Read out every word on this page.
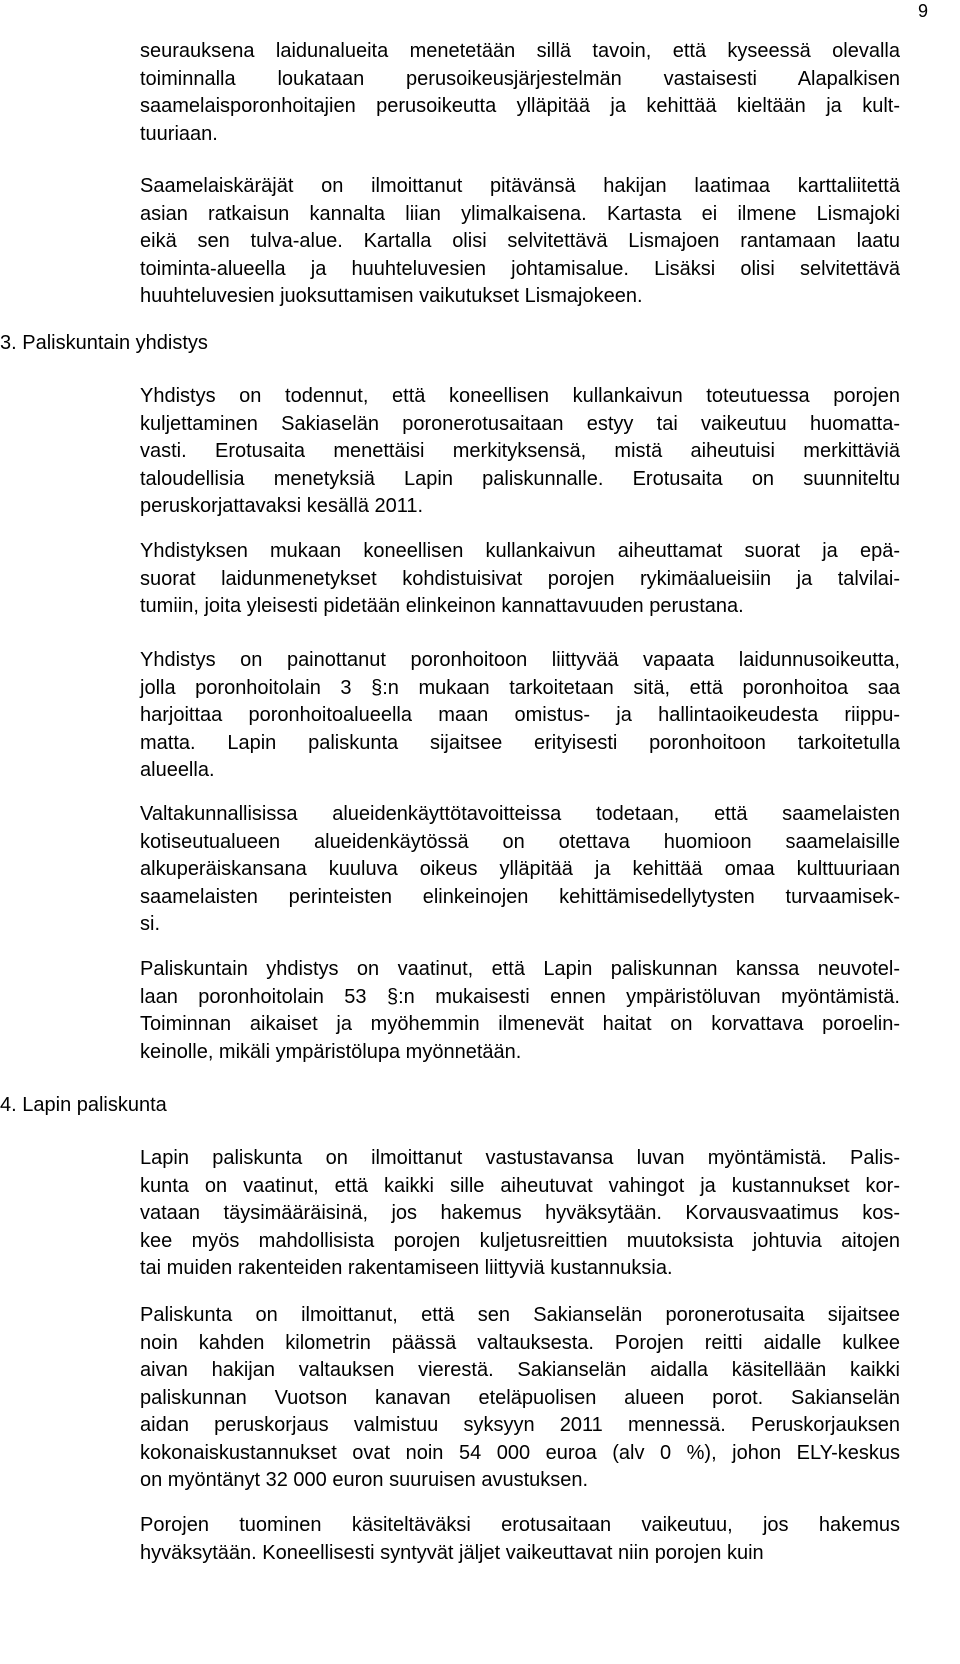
9
3. Paliskuntain yhdistys
4. Lapin paliskunta
seurauksena laidunalueita menetetään sillä tavoin, että kyseessä olevalla
toiminnalla loukataan perusoikeusjärjestelmän vastaisesti Alapalkisen
saamelaisporonhoitajien perusoikeutta ylläpitää ja kehittää kieltään ja kult-
tuuriaan.
Saamelaiskäräjät on ilmoittanut pitävänsä hakijan laatimaa karttaliitettä
asian ratkaisun kannalta liian ylimalkaisena. Kartasta ei ilmene Lismajoki
eikä sen tulva-alue. Kartalla olisi selvitettävä Lismajoen rantamaan laatu
toiminta-alueella ja huuhteluvesien johtamisalue. Lisäksi olisi selvitettävä
huuhteluvesien juoksuttamisen vaikutukset Lismajokeen.
Yhdistys on todennut, että koneellisen kullankaivun toteutuessa porojen
kuljettaminen Sakiaselän poronerotusaitaan estyy tai vaikeutuu huomatta-
vasti. Erotusaita menettäisi merkityksensä, mistä aiheutuisi merkittäviä
taloudellisia menetyksiä Lapin paliskunnalle. Erotusaita on suunniteltu
peruskorjattavaksi kesällä 2011.
Yhdistyksen mukaan koneellisen kullankaivun aiheuttamat suorat ja epä-
suorat laidunmenetykset kohdistuisivat porojen rykimäalueisiin ja talvilai-
tumiin, joita yleisesti pidetään elinkeinon kannattavuuden perustana.
Yhdistys on painottanut poronhoitoon liittyvää vapaata laidunnusoikeutta,
jolla poronhoitolain 3 §:n mukaan tarkoitetaan sitä, että poronhoitoa saa
harjoittaa poronhoitoalueella maan omistus- ja hallintaoikeudesta riippu-
matta. Lapin paliskunta sijaitsee erityisesti poronhoitoon tarkoitetulla
alueella.
Valtakunnallisissa alueidenkäyttötavoitteissa todetaan, että saamelaisten
kotiseutualueen alueidenkäytössä on otettava huomioon saamelaisille
alkuperäiskansana kuuluva oikeus ylläpitää ja kehittää omaa kulttuuriaan
saamelaisten perinteisten elinkeinojen kehittämisedellytysten turvaamisek-
si.
Paliskuntain yhdistys on vaatinut, että Lapin paliskunnan kanssa neuvotel-
laan poronhoitolain 53 §:n mukaisesti ennen ympäristöluvan myöntämistä.
Toiminnan aikaiset ja myöhemmin ilmenevät haitat on korvattava poroelin-
keinolle, mikäli ympäristölupa myönnetään.
Lapin paliskunta on ilmoittanut vastustavansa luvan myöntämistä. Palis-
kunta on vaatinut, että kaikki sille aiheutuvat vahingot ja kustannukset kor-
vataan täysimääräisinä, jos hakemus hyväksytään. Korvausvaatimus kos-
kee myös mahdollisista porojen kuljetusreittien muutoksista johtuvia aitojen
tai muiden rakenteiden rakentamiseen liittyviä kustannuksia.
Paliskunta on ilmoittanut, että sen Sakianselän poronerotusaita sijaitsee
noin kahden kilometrin päässä valtauksesta. Porojen reitti aidalle kulkee
aivan hakijan valtauksen vierestä. Sakianselän aidalla käsitellään kaikki
paliskunnan Vuotson kanavan eteläpuolisen alueen porot. Sakianselän
aidan peruskorjaus valmistuu syksyyn 2011 mennessä. Peruskorjauksen
kokonaiskustannukset ovat noin 54 000 euroa (alv 0 %), johon ELY-keskus
on myöntänyt 32 000 euron suuruisen avustuksen.
Porojen tuominen käsiteltäväksi erotusaitaan vaikeutuu, jos hakemus
hyväksytään. Koneellisesti syntyvät jäljet vaikeuttavat niin porojen kuin
